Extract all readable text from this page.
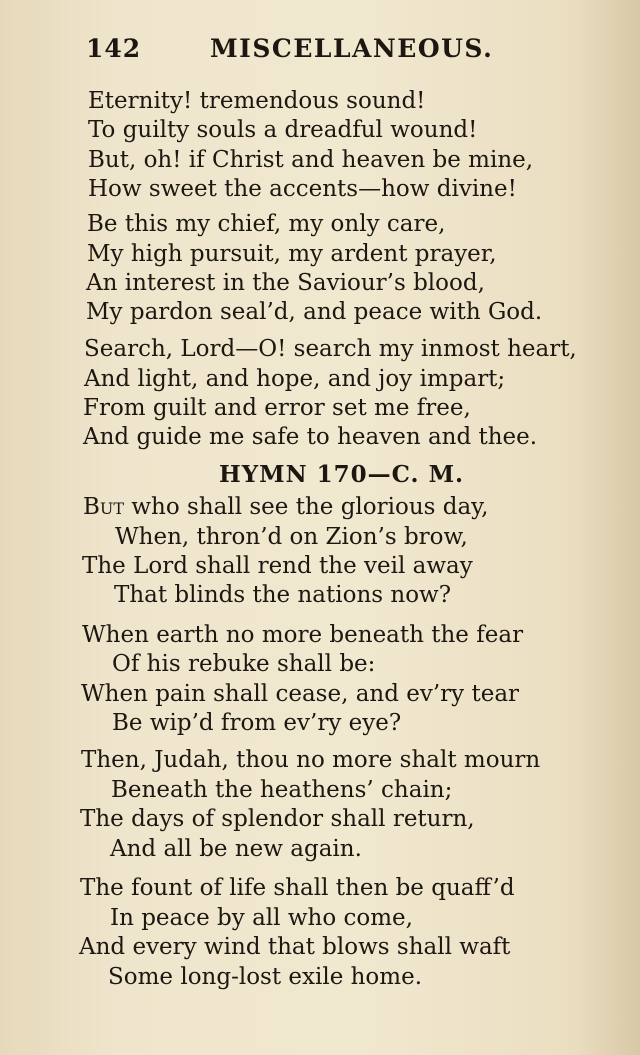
142	MISCELLANEOUS.
Eternity! tremendous sound!
To guilty souls a dreadful wound!
But, oh! if Christ and heaven be mine,
How sweet the accents—how divine!
Be this my chief, my only care,
My high pursuit, my ardent prayer,
An interest in the Saviour’s blood,
My pardon seal’d, and peace with God.
Search, Lord—O! search my inmost heart,
And light, and hope, and joy impart;
From guilt and error set me free,
And guide me safe to heaven and thee.
HYMN 170—C. M.
But who shall see the glorious day,
When, thron’d on Zion’s brow,
The Lord shall rend the veil away
That blinds the nations now?
When earth no more beneath the fear
Of his rebuke shall be:
When pain shall cease, and ev’ry tear
Be wip’d from ev’ry eye?
Then, Judah, thou no more shalt mourn
Beneath the heathens’ chain;
The days of splendor shall return,
And all be new again.
The fount of life shall then be quaff’d
In peace by all who come,
And every wind that blows shall waft
Some long-lost exile home.
